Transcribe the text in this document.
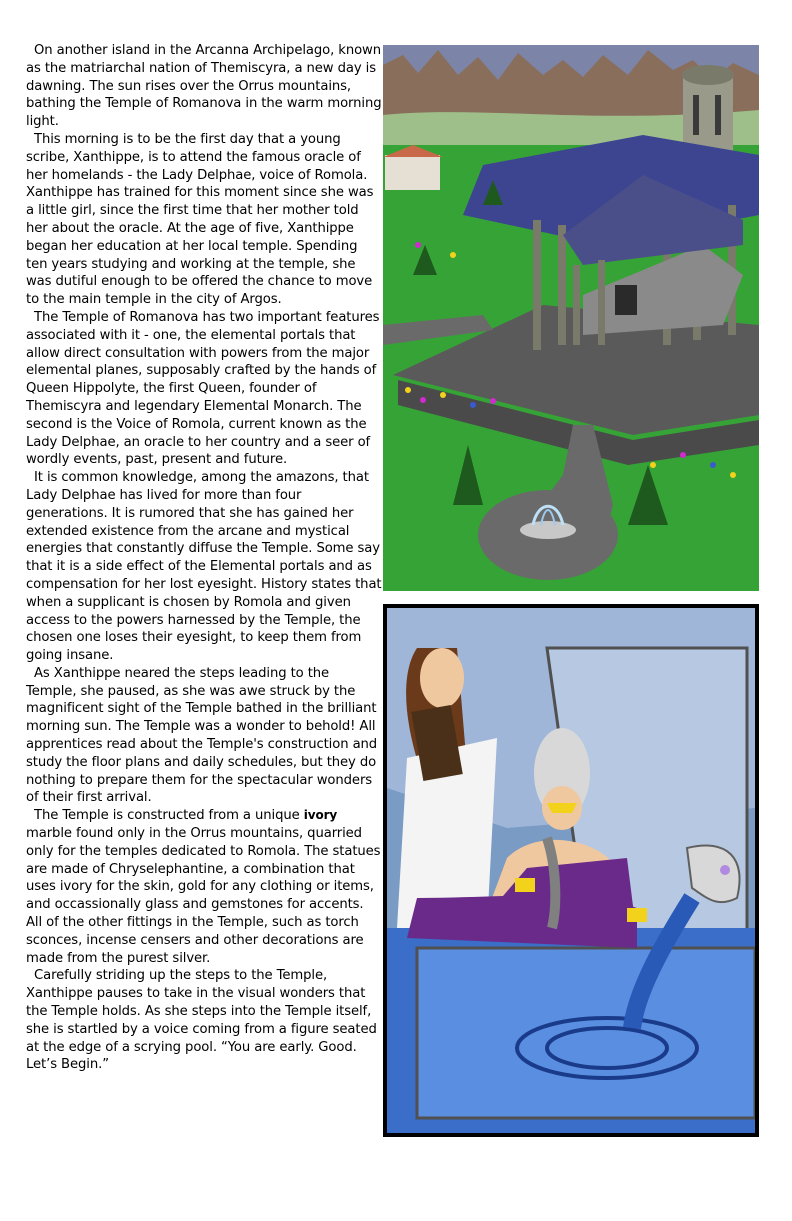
On another island in the Arcanna Archipelago, known as the matriarchal nation of Themiscyra, a new day is dawning. The sun rises over the Orrus mountains, bathing the Temple of Romanova in the warm morning light.

This morning is to be the first day that a young scribe, Xanthippe, is to attend the famous oracle of her homelands - the Lady Delphae, voice of Romola. Xanthippe has trained for this moment since she was a little girl, since the first time that her mother told her about the oracle. At the age of five, Xanthippe began her education at her local temple. Spending ten years studying and working at the temple, she was dutiful enough to be offered the chance to move to the main temple in the city of Argos.

The Temple of Romanova has two important features associated with it - one, the elemental portals that allow direct consultation with powers from the major elemental planes, supposably crafted by the hands of Queen Hippolyte, the first Queen, founder of Themiscyra and legendary Elemental Monarch. The second is the Voice of Romola, current known as the Lady Delphae, an oracle to her country and a seer of wordly events, past, present and future.

It is common knowledge, among the amazons, that Lady Delphae has lived for more than four generations. It is rumored that she has gained her extended existence from the arcane and mystical energies that constantly diffuse the Temple. Some say that it is a side effect of the Elemental portals and as compensation for her lost eyesight. History states that when a supplicant is chosen by Romola and given access to the powers harnessed by the Temple, the chosen one loses their eyesight, to keep them from going insane.

As Xanthippe neared the steps leading to the Temple, she paused, as she was awe struck by the magnificent sight of the Temple bathed in the brilliant morning sun. The Temple was a wonder to behold! All apprentices read about the Temple's construction and study the floor plans and daily schedules, but they do nothing to prepare them for the spectacular wonders of their first arrival.

The Temple is constructed from a unique ivory marble found only in the Orrus mountains, quarried only for the temples dedicated to Romola. The statues are made of Chryselephantine, a combination that uses ivory for the skin, gold for any clothing or items, and occassionally glass and gemstones for accents. All of the other fittings in the Temple, such as torch sconces, incense censers and other decorations are made from the purest silver.

Carefully striding up the steps to the Temple, Xanthippe pauses to take in the visual wonders that the Temple holds. As she steps into the Temple itself, she is startled by a voice coming from a figure seated at the edge of a scrying pool. “You are early. Good. Let’s Begin.”
